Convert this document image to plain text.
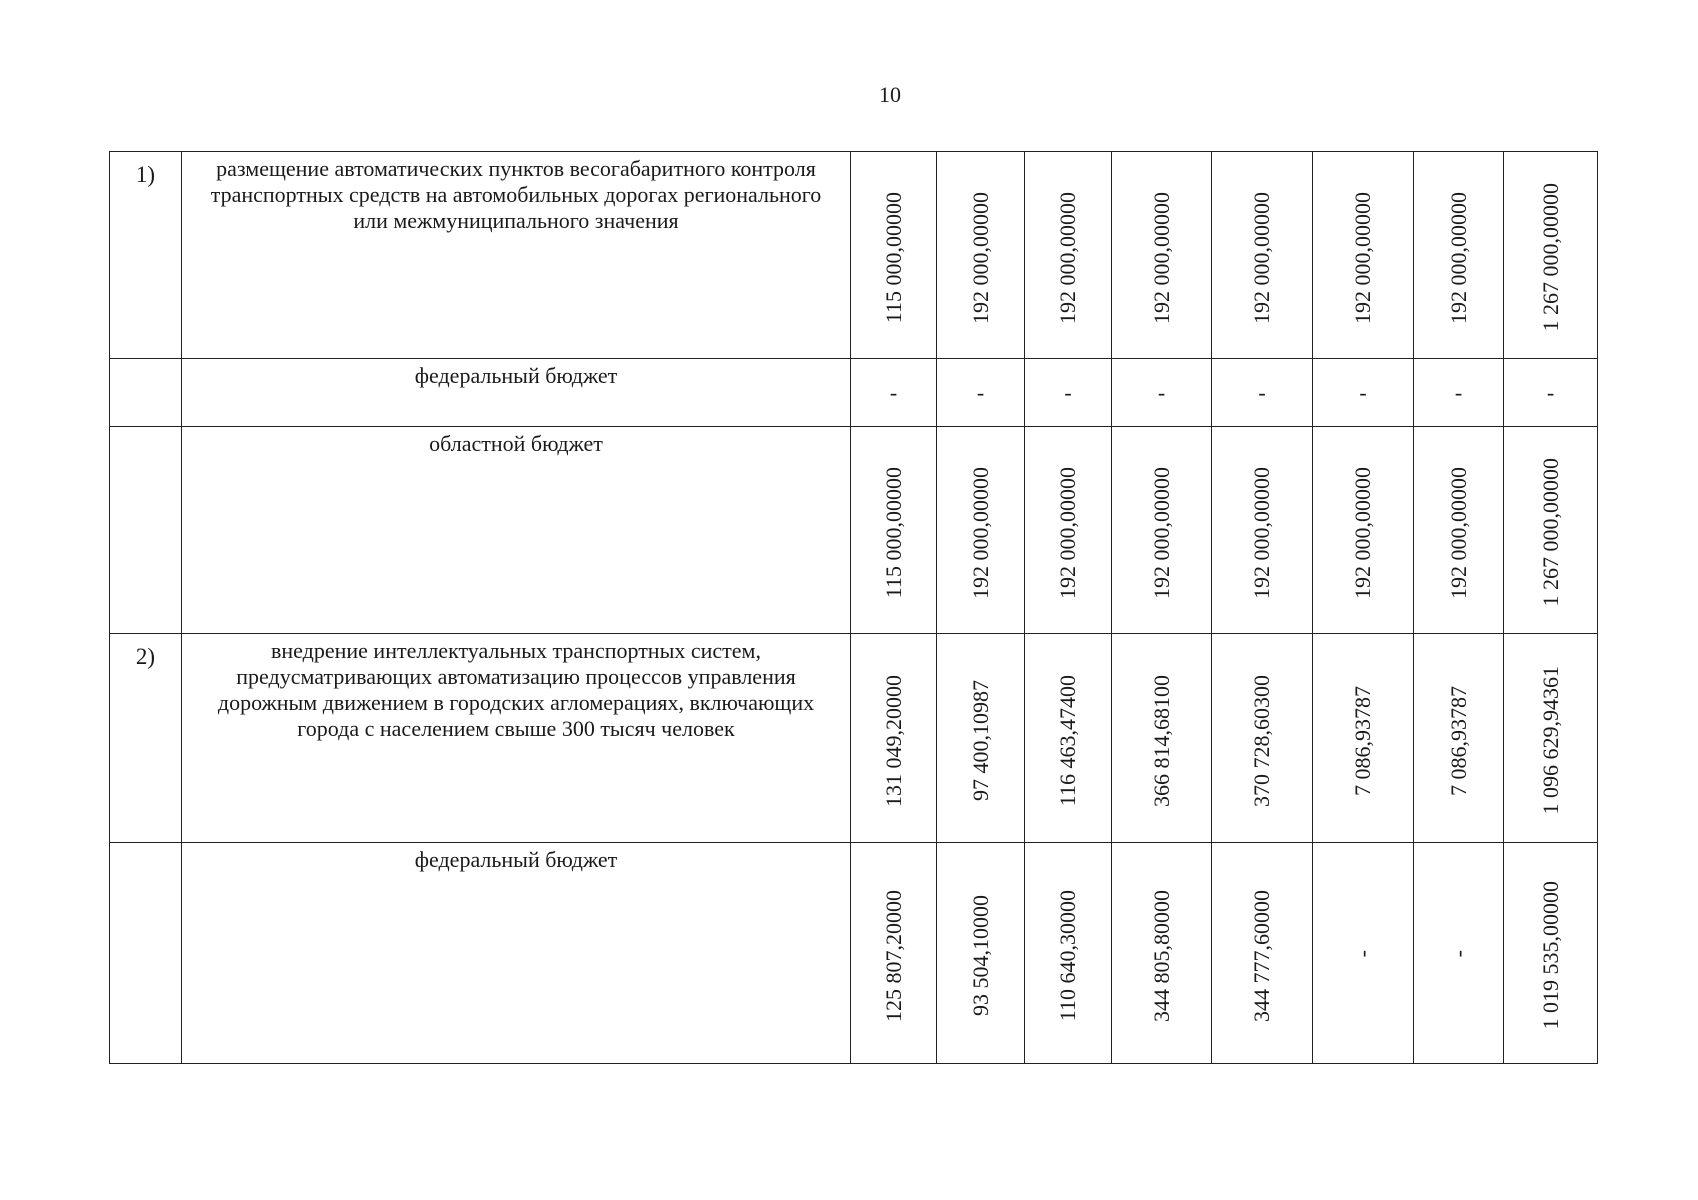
10
1)	размещение автоматических пунктов весогабаритного контроля транспортных средств на автомобильных дорогах регионального или межмуниципального значения	115 000,00000	192 000,00000	192 000,00000	192 000,00000	192 000,00000	192 000,00000	192 000,00000	1 267 000,00000
	федеральный бюджет	-	-	-	-	-	-	-	-
	областной бюджет	115 000,00000	192 000,00000	192 000,00000	192 000,00000	192 000,00000	192 000,00000	192 000,00000	1 267 000,00000
2)	внедрение интеллектуальных транспортных систем, предусматривающих автоматизацию процессов управления дорожным движением в городских агломерациях, включающих города с населением свыше 300 тысяч человек	131 049,20000	97 400,10987	116 463,47400	366 814,68100	370 728,60300	7 086,93787	7 086,93787	1 096 629,94361
	федеральный бюджет	125 807,20000	93 504,10000	110 640,30000	344 805,80000	344 777,60000	-	-	1 019 535,00000
